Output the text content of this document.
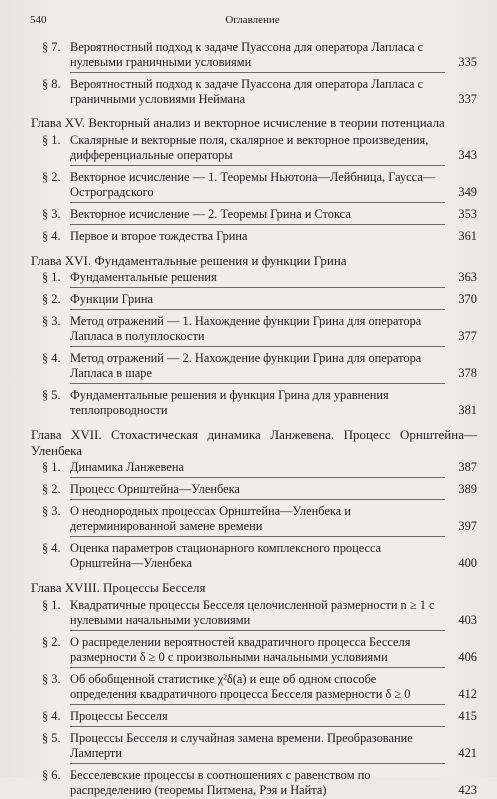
540	Оглавление
§ 7. Вероятностный подход к задаче Пуассона для оператора Лапласа с нулевыми граничными условиями	335
§ 8. Вероятностный подход к задаче Пуассона для оператора Лапласа с граничными условиями Неймана	337
Глава XV. Векторный анализ и векторное исчисление в теории потенциала
§ 1. Скалярные и векторные поля, скалярное и векторное произведения, дифференциальные операторы	343
§ 2. Векторное исчисление — 1. Теоремы Ньютона—Лейбница, Гаусса—Остроградского	349
§ 3. Векторное исчисление — 2. Теоремы Грина и Стокса	353
§ 4. Первое и второе тождества Грина	361
Глава XVI. Фундаментальные решения и функции Грина
§ 1. Фундаментальные решения	363
§ 2. Функции Грина	370
§ 3. Метод отражений — 1. Нахождение функции Грина для оператора Лапласа в полуплоскости	377
§ 4. Метод отражений — 2. Нахождение функции Грина для оператора Лапласа в шаре	378
§ 5. Фундаментальные решения и функция Грина для уравнения теплопроводности	381
Глава XVII. Стохастическая динамика Ланжевена. Процесс Орнштейна—Уленбека
§ 1. Динамика Ланжевена	387
§ 2. Процесс Орнштейна—Уленбека	389
§ 3. О неоднородных процессах Орнштейна—Уленбека и детерминированной замене времени	397
§ 4. Оценка параметров стационарного комплексного процесса Орнштейна—Уленбека	400
Глава XVIII. Процессы Бесселя
§ 1. Квадратичные процессы Бесселя целочисленной размерности n ≥ 1 с нулевыми начальными условиями	403
§ 2. О распределении вероятностей квадратичного процесса Бесселя размерности δ ≥ 0 с произвольными начальными условиями	406
§ 3. Об обобщенной статистике χ²δ(a) и еще об одном способе определения квадратичного процесса Бесселя размерности δ ≥ 0	412
§ 4. Процессы Бесселя	415
§ 5. Процессы Бесселя и случайная замена времени. Преобразование Ламперти	421
§ 6. Бесселевские процессы в соотношениях с равенством по распределению (теоремы Питмена, Рэя и Найта)	423
